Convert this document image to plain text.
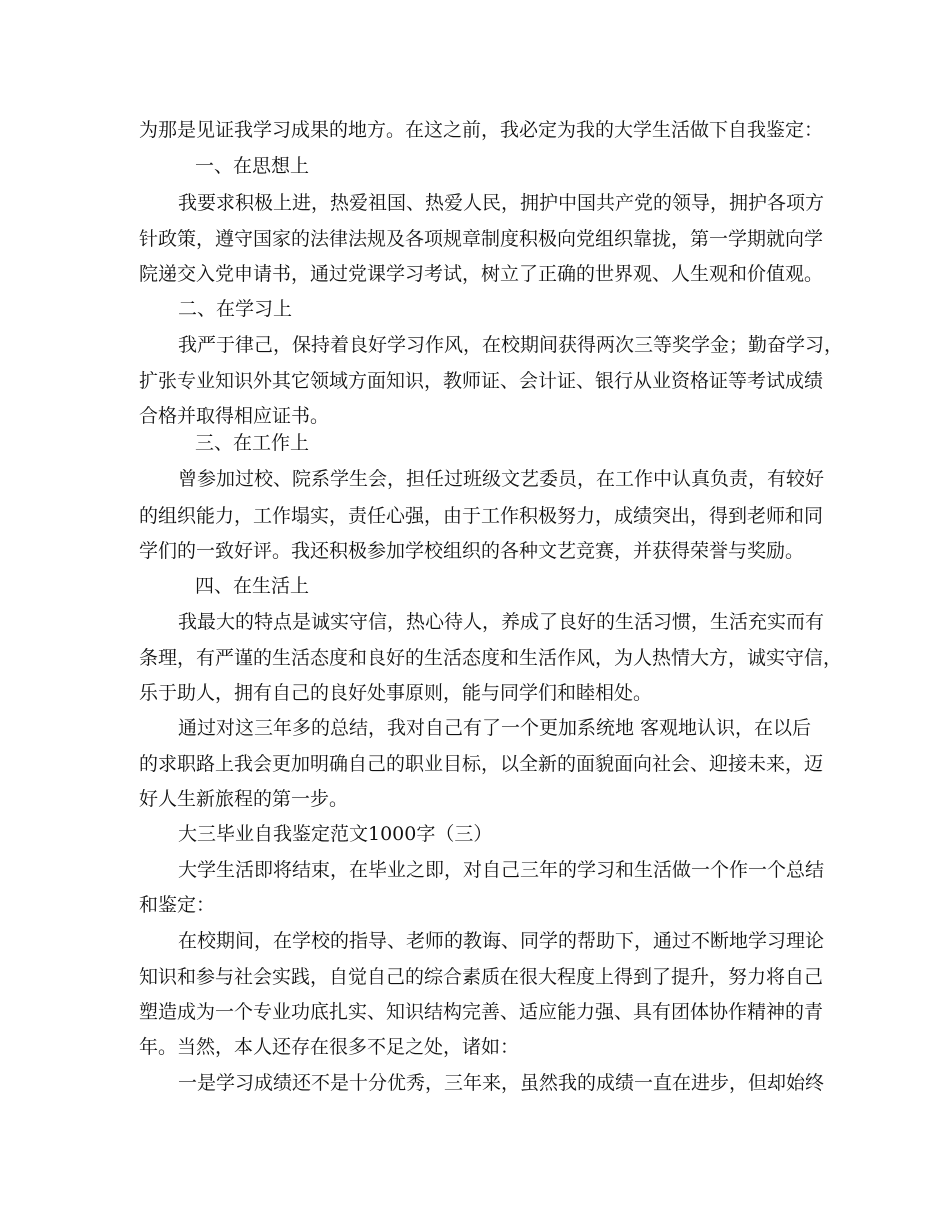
为那是见证我学习成果的地方。在这之前，我必定为我的大学生活做下自我鉴定：
一、在思想上
我要求积极上进，热爱祖国、热爱人民，拥护中国共产党的领导，拥护各项方
针政策，遵守国家的法律法规及各项规章制度积极向党组织靠拢，第一学期就向学
院递交入党申请书，通过党课学习考试，树立了正确的世界观、人生观和价值观。
二、在学习上
我严于律己，保持着良好学习作风，在校期间获得两次三等奖学金；勤奋学习，
扩张专业知识外其它领域方面知识，教师证、会计证、银行从业资格证等考试成绩
合格并取得相应证书。
三、在工作上
曾参加过校、院系学生会，担任过班级文艺委员，在工作中认真负责，有较好
的组织能力，工作塌实，责任心强，由于工作积极努力，成绩突出，得到老师和同
学们的一致好评。我还积极参加学校组织的各种文艺竞赛，并获得荣誉与奖励。
四、在生活上
我最大的特点是诚实守信，热心待人，养成了良好的生活习惯，生活充实而有
条理，有严谨的生活态度和良好的生活态度和生活作风，为人热情大方，诚实守信，
乐于助人，拥有自己的良好处事原则，能与同学们和睦相处。
通过对这三年多的总结，我对自己有了一个更加系统地 客观地认识，在以后
的求职路上我会更加明确自己的职业目标，以全新的面貌面向社会、迎接未来，迈
好人生新旅程的第一步。
大三毕业自我鉴定范文1000字（三）
大学生活即将结束，在毕业之即，对自己三年的学习和生活做一个作一个总结
和鉴定：
在校期间，在学校的指导、老师的教诲、同学的帮助下，通过不断地学习理论
知识和参与社会实践，自觉自己的综合素质在很大程度上得到了提升，努力将自己
塑造成为一个专业功底扎实、知识结构完善、适应能力强、具有团体协作精神的青
年。当然，本人还存在很多不足之处，诸如：
一是学习成绩还不是十分优秀，三年来，虽然我的成绩一直在进步，但却始终
